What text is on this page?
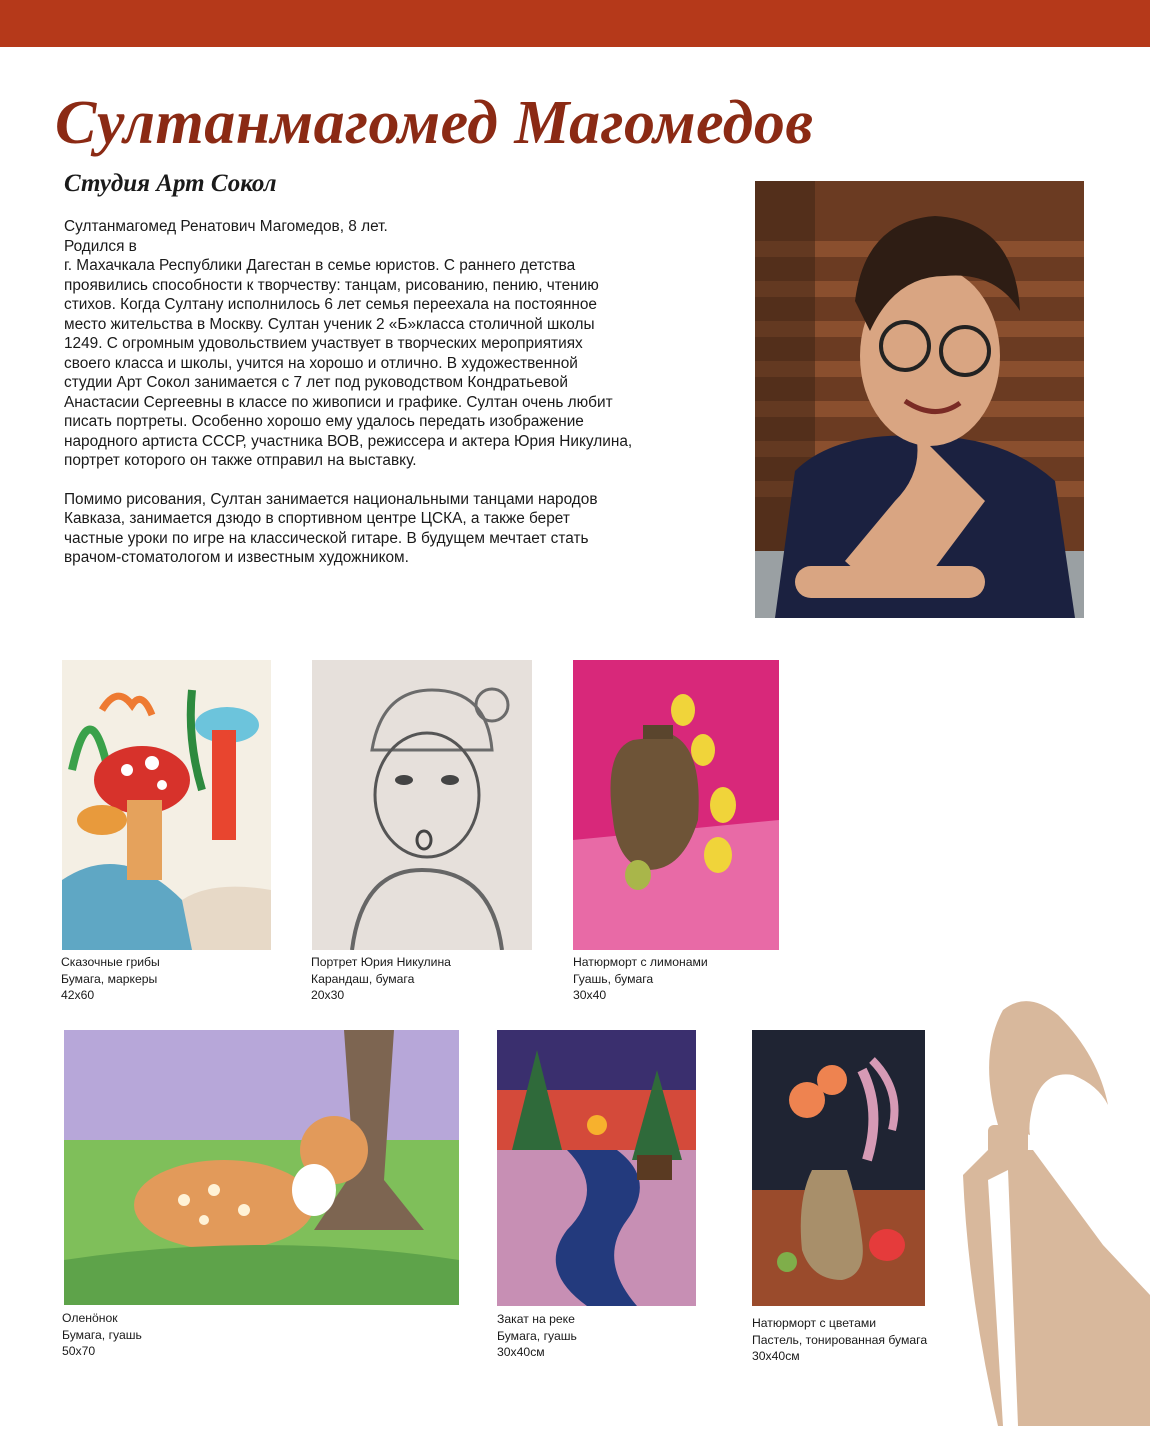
Султанмагомед Магомедов
Студия Арт Сокол

Султанмагомед Ренатович Магомедов, 8 лет.
Родился в
г. Махачкала Республики Дагестан в семье юристов. С раннего детства
проявились способности к творчеству: танцам, рисованию, пению, чтению
стихов. Когда Султану исполнилось 6 лет семья переехала на постоянное
место жительства в Москву. Султан ученик 2 «Б»класса столичной школы
1249. С огромным удовольствием участвует в творческих мероприятиях
своего класса и школы, учится на хорошо и отлично. В художественной
студии Арт Сокол занимается с 7 лет под руководством Кондратьевой
Анастасии Сергеевны в классе по живописи и графике. Султан очень любит
писать портреты. Особенно хорошо ему удалось передать изображение
народного артиста СССР, участника ВОВ, режиссера и актера Юрия Никулина,
портрет которого он также отправил на выставку.

Помимо рисования, Султан занимается национальными танцами народов
Кавказа, занимается дзюдо в спортивном центре ЦСКА, а также берет
частные уроки по игре на классической гитаре. В будущем мечтает стать
врачом-стоматологом и известным художником.

Сказочные грибы
Бумага, маркеры
42х60
Портрет Юрия Никулина
Карандаш, бумага
20х30
Натюрморт с лимонами
Гуашь, бумага
30х40
Оленӧнок
Бумага, гуашь
50х70
Закат на реке
Бумага, гуашь
30х40см
Натюрморт с цветами
Пастель, тонированная бумага
30х40см
